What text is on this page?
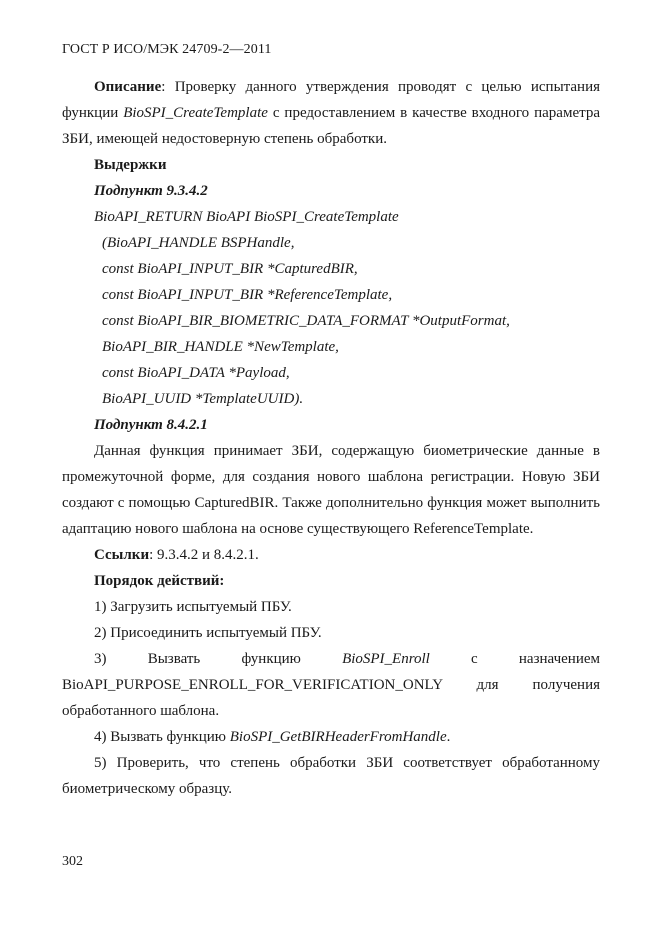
ГОСТ Р ИСО/МЭК 24709-2—2011

Описание: Проверку данного утверждения проводят с целью испытания функции BioSPI_CreateTemplate с предоставлением в качестве входного параметра ЗБИ, имеющей недостоверную степень обработки.

Выдержки

Подпункт 9.3.4.2

BioAPI_RETURN BioAPI BioSPI_CreateTemplate

(BioAPI_HANDLE BSPHandle,

const BioAPI_INPUT_BIR *CapturedBIR,

const BioAPI_INPUT_BIR *ReferenceTemplate,

const BioAPI_BIR_BIOMETRIC_DATA_FORMAT *OutputFormat,

BioAPI_BIR_HANDLE *NewTemplate,

const BioAPI_DATA *Payload,

BioAPI_UUID *TemplateUUID).

Подпункт 8.4.2.1

Данная функция принимает ЗБИ, содержащую биометрические данные в промежуточной форме, для создания нового шаблона регистрации. Новую ЗБИ создают с помощью CapturedBIR. Также дополнительно функция может выполнить адаптацию нового шаблона на основе существующего ReferenceTemplate.

Ссылки: 9.3.4.2 и 8.4.2.1.

Порядок действий:

1) Загрузить испытуемый ПБУ.

2) Присоединить испытуемый ПБУ.

3) Вызвать функцию BioSPI_Enroll с назначением BioAPI_PURPOSE_ENROLL_FOR_VERIFICATION_ONLY для получения обработанного шаблона.

4) Вызвать функцию BioSPI_GetBIRHeaderFromHandle.

5) Проверить, что степень обработки ЗБИ соответствует обработанному биометрическому образцу.

302
